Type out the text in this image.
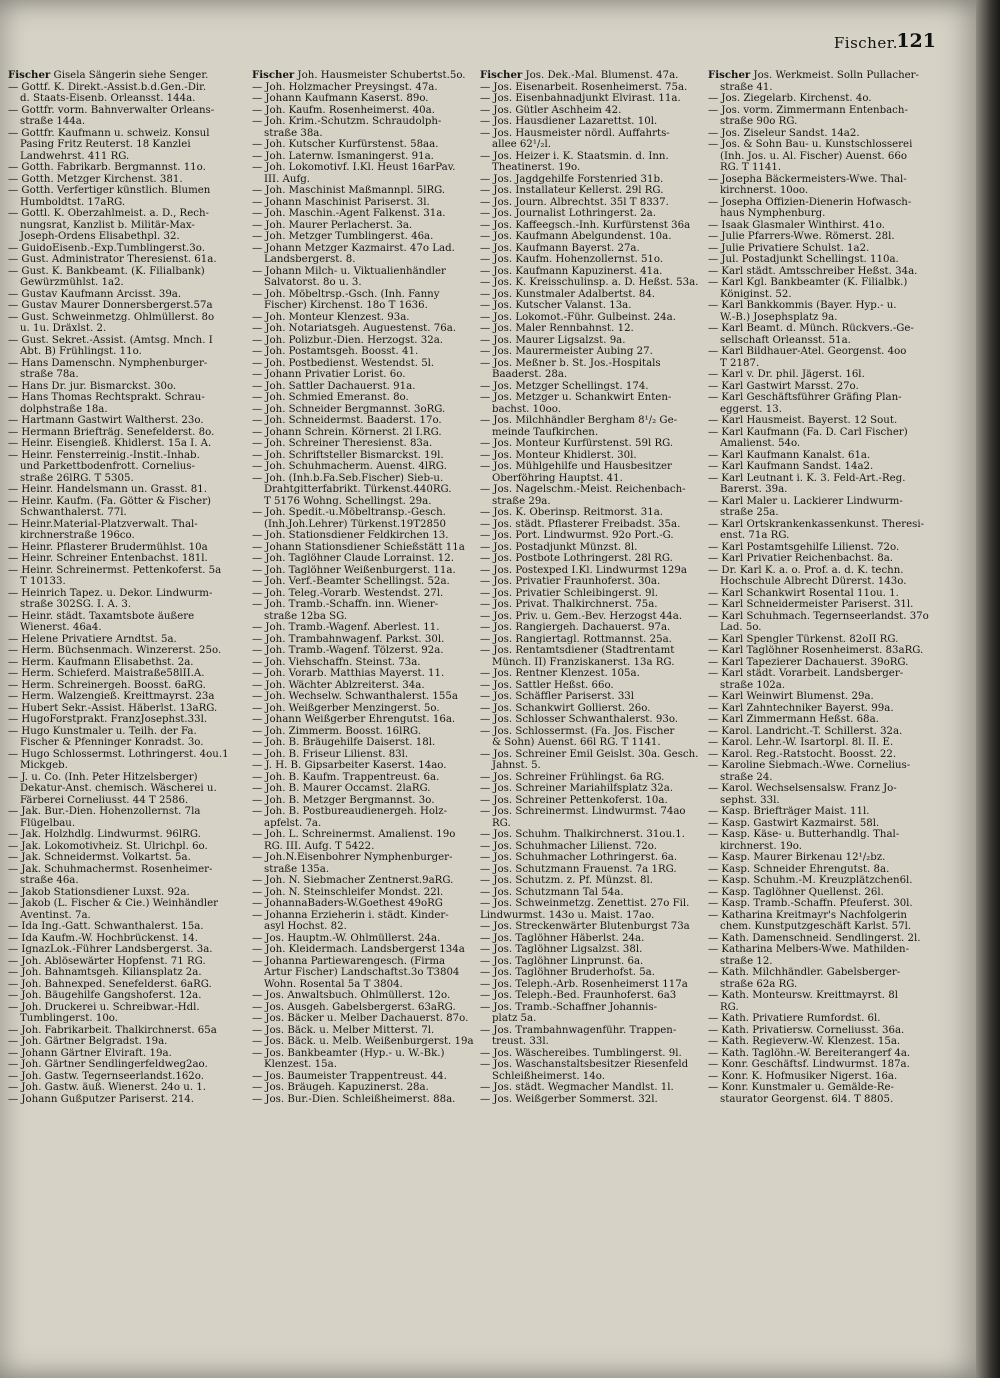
Fischer.
121
Fischer Gisela Sängerin siehe Senger.
— Gottf. K. Direkt.-Assist.b.d.Gen.-Dir.
d. Staats-Eisenb. Orleansst. 144a.
— Gottfr. vorm. Bahnverwalter Orleans-
straße 144a.
— Gottfr. Kaufmann u. schweiz. Konsul
Pasing Fritz Reuterst. 18 Kanzlei
Landwehrst. 411 RG.
— Gotth. Fabrikarb. Bergmannst. 11o.
— Gotth. Metzger Kirchenst. 381.
— Gotth. Verfertiger künstlich. Blumen
Humboldtst. 17aRG.
— Gottl. K. Oberzahlmeist. a. D., Rech-
nungsrat, Kanzlist b. Militär-Max-
Joseph-Ordens Elisabethpl. 32.
— GuidoEisenb.-Exp.Tumblingerst.3o.
— Gust. Administrator Theresienst. 61a.
— Gust. K. Bankbeamt. (K. Filialbank)
Gewürzmühlst. 1a2.
— Gustav Kaufmann Arcisst. 39a.
— Gustav Maurer Donnersbergerst.57a
— Gust. Schweinmetzg. Ohlmüllerst. 8o
u. 1u. Dräxlst. 2.
— Gust. Sekret.-Assist. (Amtsg. Mnch. I
Abt. B) Frühlingst. 11o.
— Hans Damenschn. Nymphenburger-
straße 78a.
— Hans Dr. jur. Bismarckst. 30o.
— Hans Thomas Rechtsprakt. Schrau-
dolphstraße 18a.
— Hartmann Gastwirt Waltherst. 23o.
— Hermann Briefträg. Senefelderst. 8o.
— Heinr. Eisengieß. Khidlerst. 15a I. A.
— Heinr. Fensterreinig.-Instit.-Inhab.
und Parkettbodenfrott. Cornelius-
straße 26lRG. T 5305.
— Heinr. Handelsmann un. Grasst. 81.
— Heinr. Kaufm. (Fa. Götter & Fischer)
Schwanthalerst. 77l.
— Heinr.Material-Platzverwalt. Thal-
kirchnerstraße 196co.
— Heinr. Pflasterer Brudermühlst. 10a
— Heinr. Schreiner Entenbachst. 181l.
— Heinr. Schreinermst. Pettenkoferst. 5a
T 10133.
— Heinrich Tapez. u. Dekor. Lindwurm-
straße 302SG. I. A. 3.
— Heinr. städt. Taxamtsbote äußere
Wienerst. 46a4.
— Helene Privatiere Arndtst. 5a.
— Herm. Büchsenmach. Winzererst. 25o.
— Herm. Kaufmann Elisabethst. 2a.
— Herm. Schieferd. Maistraße58lII.A.
— Herm. Schreinergeh. Boosst. 6aRG.
— Herm. Walzengieß. Kreittmayrst. 23a
— Hubert Sekr.-Assist. Häberlst. 13aRG.
— HugoForstprakt. FranzJosephst.33l.
— Hugo Kunstmaler u. Teilh. der Fa.
Fischer & Pfenninger Konradst. 3o.
— Hugo Schlossermst. Lothringerst. 4ou.1
Mickgeb.
— J. u. Co. (Inh. Peter Hitzelsberger)
Dekatur-Anst. chemisch. Wäscherei u.
Färberei Corneliusst. 44 T 2586.
— Jak. Bur.-Dien. Hohenzollernst. 7la
Flügelbau.
— Jak. Holzhdlg. Lindwurmst. 96lRG.
— Jak. Lokomotivheiz. St. Ulrichpl. 6o.
— Jak. Schneidermst. Volkartst. 5a.
— Jak. Schuhmachermst. Rosenheimer-
straße 46a.
— Jakob Stationsdiener Luxst. 92a.
— Jakob (L. Fischer & Cie.) Weinhändler
Aventinst. 7a.
— Ida Ing.-Gatt. Schwanthalerst. 15a.
— Ida Kaufm.-W. Hochbrückenst. 14.
— IgnazLok.-Führer Landsbergerst. 3a.
— Joh. Ablösewärter Hopfenst. 71 RG.
— Joh. Bahnamtsgeh. Kiliansplatz 2a.
— Joh. Bahnexped. Senefelderst. 6aRG.
— Joh. Bäugehilfe Gangshoferst. 12a.
— Joh. Druckerei u. Schreibwar.-Hdl.
Tumblingerst. 10o.
— Joh. Fabrikarbeit. Thalkirchnerst. 65a
— Joh. Gärtner Belgradst. 19a.
— Johann Gärtner Elviraft. 19a.
— Joh. Gärtner Sendlingerfeldweg2ao.
— Joh. Gastw. Tegernseerlandst.162o.
— Joh. Gastw. äuß. Wienerst. 24o u. 1.
— Johann Gußputzer Pariserst. 214.
Fischer Joh. Hausmeister Schubertst.5o.
— Joh. Holzmacher Preysingst. 47a.
— Johann Kaufmann Kaserst. 89o.
— Joh. Kaufm. Rosenheimerst. 40a.
— Joh. Krim.-Schutzm. Schraudolph-
straße 38a.
— Joh. Kutscher Kurfürstenst. 58aa.
— Joh. Laternw. Ismaningerst. 91a.
— Joh. Lokomotivf. I.Kl. Heust 16arPav.
III. Aufg.
— Joh. Maschinist Maßmannpl. 5lRG.
— Johann Maschinist Pariserst. 3l.
— Joh. Maschin.-Agent Falkenst. 31a.
— Joh. Maurer Perlacherst. 3a.
— Joh. Metzger Tumblingerst. 46a.
— Johann Metzger Kazmairst. 47o Lad.
Landsbergerst. 8.
— Johann Milch- u. Viktualienhändler
Salvatorst. 8o u. 3.
— Joh. Möbeltrsp.-Gsch. (Inh. Fanny
Fischer) Kirchenst. 18o T 1636.
— Joh. Monteur Klenzest. 93a.
— Joh. Notariatsgeh. Auguestenst. 76a.
— Joh. Polizbur.-Dien. Herzogst. 32a.
— Joh. Postamtsgeh. Boosst. 41.
— Joh. Postbedienst. Westendst. 5l.
— Johann Privatier Lorist. 6o.
— Joh. Sattler Dachauerst. 91a.
— Joh. Schmied Emeranst. 8o.
— Joh. Schneider Bergmannst. 3oRG.
— Joh. Schneidermst. Baaderst. 17o.
— Johann Schrein. Körnerst. 2l I.RG.
— Joh. Schreiner Theresienst. 83a.
— Joh. Schriftsteller Bismarckst. 19l.
— Joh. Schuhmacherm. Auenst. 4lRG.
— Joh. (Inh.b.Fa.Seb.Fischer) Sieb-u.
Drahtgitterfabrikt. Türkenst.440RG.
T 5176 Wohng. Schellingst. 29a.
— Joh. Spedit.-u.Möbeltransp.-Gesch.
(Inh.Joh.Lehrer) Türkenst.19T2850
— Joh. Stationsdiener Feldkirchen 13.
— Johann Stationsdiener Schießstätt 11a
— Joh. Taglöhner Claude Lorrainst. 12.
— Joh. Taglöhner Weißenburgerst. 11a.
— Joh. Verf.-Beamter Schellingst. 52a.
— Joh. Teleg.-Vorarb. Westendst. 27l.
— Joh. Tramb.-Schaffn. inn. Wiener-
straße 12ba SG.
— Joh. Tramb.-Wagenf. Aberlest. 11.
— Joh. Trambahnwagenf. Parkst. 30l.
— Joh. Tramb.-Wagenf. Tölzerst. 92a.
— Joh. Viehschaffn. Steinst. 73a.
— Joh. Vorarb. Matthias Mayerst. 11.
— Joh. Wächter Ablzreiterst. 34a.
— Joh. Wechselw. Schwanthalerst. 155a
— Joh. Weißgerber Menzingerst. 5o.
— Johann Weißgerber Ehrengutst. 16a.
— Joh. Zimmerm. Boosst. 16lRG.
— Joh. B. Bräugehilfe Daiserst. 18l.
— Joh. B. Friseur Lilienst. 83l.
— J. H. B. Gipsarbeiter Kaserst. 14ao.
— Joh. B. Kaufm. Trappentreust. 6a.
— Joh. B. Maurer Occamst. 2laRG.
— Joh. B. Metzger Bergmannst. 3o.
— Joh. B. Postbureaudienergeh. Holz-
apfelst. 7a.
— Joh. L. Schreinermst. Amalienst. 19o
RG. III. Aufg. T 5422.
— Joh.N.Eisenbohrer Nymphenburger-
straße 135a.
— Joh. N. Siebmacher Zentnerst.9aRG.
— Joh. N. Steinschleifer Mondst. 22l.
— JohannaBaders-W.Goethest 49oRG
— Johanna Erzieherin i. städt. Kinder-
asyl Hochst. 82.
— Jos. Hauptm.-W. Ohlmüllerst. 24a.
— Joh. Kleidermach. Landsbergerst 134a
— Johanna Partiewarengesch. (Firma
Artur Fischer) Landschaftst.3o T3804
Wohn. Rosental 5a T 3804.
— Jos. Anwaltsbuch. Ohlmüllerst. 12o.
— Jos. Ausgeh. Gabelsbergerst. 63aRG.
— Jos. Bäcker u. Melber Dachauerst. 87o.
— Jos. Bäck. u. Melber Mitterst. 7l.
— Jos. Bäck. u. Melb. Weißenburgerst. 19a
— Jos. Bankbeamter (Hyp.- u. W.-Bk.)
Klenzest. 15a.
— Jos. Baumeister Trappentreust. 44.
— Jos. Bräugeh. Kapuzinerst. 28a.
— Jos. Bur.-Dien. Schleißheimerst. 88a.
Fischer Jos. Dek.-Mal. Blumenst. 47a.
— Jos. Eisenarbeit. Rosenheimerst. 75a.
— Jos. Eisenbahnadjunkt Elvirast. 11a.
— Jos. Gütler Aschheim 42.
— Jos. Hausdiener Lazarettst. 10l.
— Jos. Hausmeister nördl. Auffahrts-
allee 62¹/₂l.
— Jos. Heizer i. K. Staatsmin. d. Inn.
Theatinerst. 19o.
— Jos. Jagdgehilfe Forstenried 31b.
— Jos. Installateur Kellerst. 29l RG.
— Jos. Journ. Albrechtst. 35l T 8337.
— Jos. Journalist Lothringerst. 2a.
— Jos. Kaffeegsch.-Inh. Kurfürstenst 36a
— Jos. Kaufmann Abelgundenst. 10a.
— Jos. Kaufmann Bayerst. 27a.
— Jos. Kaufm. Hohenzollernst. 51o.
— Jos. Kaufmann Kapuzinerst. 41a.
— Jos. K. Kreisschulinsp. a. D. Heßst. 53a.
— Jos. Kunstmaler Adalbertst. 84.
— Jos. Kutscher Valanst. 13a.
— Jos. Lokomot.-Führ. Gulbeinst. 24a.
— Jos. Maler Rennbahnst. 12.
— Jos. Maurer Ligsalzst. 9a.
— Jos. Maurermeister Aubing 27.
— Jos. Meßner b. St. Jos.-Hospitals
Baaderst. 28a.
— Jos. Metzger Schellingst. 174.
— Jos. Metzger u. Schankwirt Enten-
bachst. 10oo.
— Jos. Milchhändler Bergham 8¹/₂ Ge-
meinde Taufkirchen.
— Jos. Monteur Kurfürstenst. 59l RG.
— Jos. Monteur Khidlerst. 30l.
— Jos. Mühlgehilfe und Hausbesitzer
Oberföhring Hauptst. 41.
— Jos. Nagelschm.-Meist. Reichenbach-
straße 29a.
— Jos. K. Oberinsp. Reitmorst. 31a.
— Jos. städt. Pflasterer Freibadst. 35a.
— Jos. Port. Lindwurmst. 92o Port.-G.
— Jos. Postadjunkt Münzst. 8l.
— Jos. Postbote Lothringerst. 28l RG.
— Jos. Postexped I.Kl. Lindwurmst 129a
— Jos. Privatier Fraunhoferst. 30a.
— Jos. Privatier Schleibingerst. 9l.
— Jos. Privat. Thalkirchnerst. 75a.
— Jos. Priv. u. Gem.-Bev. Herzogst 44a.
— Jos. Rangiergeh. Dachauerst. 97a.
— Jos. Rangiertagl. Rottmannst. 25a.
— Jos. Rentamtsdiener (Stadtrentamt
Münch. II) Franziskanerst. 13a RG.
— Jos. Rentner Klenzest. 105a.
— Jos. Sattler Heßst. 66o.
— Jos. Schäffler Pariserst. 33l
— Jos. Schankwirt Gollierst. 26o.
— Jos. Schlosser Schwanthalerst. 93o.
— Jos. Schlossermst. (Fa. Jos. Fischer
& Sohn) Auenst. 66l RG. T 1141.
— Jos. Schreiner Emil Geislst. 30a. Gesch.
Jahnst. 5.
— Jos. Schreiner Frühlingst. 6a RG.
— Jos. Schreiner Mariahilfsplatz 32a.
— Jos. Schreiner Pettenkoferst. 10a.
— Jos. Schreinermst. Lindwurmst. 74ao
RG.
— Jos. Schuhm. Thalkirchnerst. 31ou.1.
— Jos. Schuhmacher Lilienst. 72o.
— Jos. Schuhmacher Lothringerst. 6a.
— Jos. Schutzmann Frauenst. 7a 1RG.
— Jos. Schutzm. z. Pf. Münzst. 8l.
— Jos. Schutzmann Tal 54a.
— Jos. Schweinmetzg. Zenettist. 27o Fil.
Lindwurmst. 143o u. Maist. 17ao.
— Jos. Streckenwärter Blutenburgst 73a
— Jos. Taglöhner Häberlst. 24a.
— Jos. Taglöhner Ligsalzst. 38l.
— Jos. Taglöhner Linprunst. 6a.
— Jos. Taglöhner Bruderhofst. 5a.
— Jos. Teleph.-Arb. Rosenheimerst 117a
— Jos. Teleph.-Bed. Fraunhoferst. 6a3
— Jos. Tramb.-Schaffner Johannis-
platz 5a.
— Jos. Trambahnwagenführ. Trappen-
treust. 33l.
— Jos. Wäschereibes. Tumblingerst. 9l.
— Jos. Waschanstaltsbesitzer Riesenfeld
Schleißheimerst. 14o.
— Jos. städt. Wegmacher Mandlst. 1l.
— Jos. Weißgerber Sommerst. 32l.
Fischer Jos. Werkmeist. Solln Pullacher-
straße 41.
— Jos. Ziegelarb. Kirchenst. 4o.
— Jos. vorm. Zimmermann Entenbach-
straße 90o RG.
— Jos. Ziseleur Sandst. 14a2.
— Jos. & Sohn Bau- u. Kunstschlosserei
(Inh. Jos. u. Al. Fischer) Auenst. 66o
RG. T 1141.
— Josepha Bäckermeisters-Wwe. Thal-
kirchnerst. 10oo.
— Josepha Offizien-Dienerin Hofwasch-
haus Nymphenburg.
— Isaak Glasmaler Winthirst. 41o.
— Julie Pfarrers-Wwe. Römerst. 28l.
— Julie Privatiere Schulst. 1a2.
— Jul. Postadjunkt Schellingst. 110a.
— Karl städt. Amtsschreiber Heßst. 34a.
— Karl Kgl. Bankbeamter (K. Filialbk.)
Königinst. 52.
— Karl Bankkommis (Bayer. Hyp.- u.
W.-B.) Josephsplatz 9a.
— Karl Beamt. d. Münch. Rückvers.-Ge-
sellschaft Orleansst. 51a.
— Karl Bildhauer-Atel. Georgenst. 4oo
T 2187.
— Karl v. Dr. phil. Jägerst. 16l.
— Karl Gastwirt Marsst. 27o.
— Karl Geschäftsführer Gräfing Plan-
eggerst. 13.
— Karl Hausmeist. Bayerst. 12 Sout.
— Karl Kaufmann (Fa. D. Carl Fischer)
Amalienst. 54o.
— Karl Kaufmann Kanalst. 61a.
— Karl Kaufmann Sandst. 14a2.
— Karl Leutnant i. K. 3. Feld-Art.-Reg.
Barerst. 39a.
— Karl Maler u. Lackierer Lindwurm-
straße 25a.
— Karl Ortskrankenkassenkunst. Theresi-
enst. 71a RG.
— Karl Postamtsgehilfe Lilienst. 72o.
— Karl Privatier Reichenbachst. 8a.
— Dr. Karl K. a. o. Prof. a. d. K. techn.
Hochschule Albrecht Dürerst. 143o.
— Karl Schankwirt Rosental 11ou. 1.
— Karl Schneidermeister Pariserst. 31l.
— Karl Schuhmach. Tegernseerlandst. 37o
Lad. 5o.
— Karl Spengler Türkenst. 82oII RG.
— Karl Taglöhner Rosenheimerst. 83aRG.
— Karl Tapezierer Dachauerst. 39oRG.
— Karl städt. Vorarbeit. Landsberger-
straße 102a.
— Karl Weinwirt Blumenst. 29a.
— Karl Zahntechniker Bayerst. 99a.
— Karl Zimmermann Heßst. 68a.
— Karol. Landricht.-T. Schillerst. 32a.
— Karol. Lehr.-W. Isartorpl. 8l. II. E.
— Karol. Reg.-Ratstocht. Boosst. 22.
— Karoline Siebmach.-Wwe. Cornelius-
straße 24.
— Karol. Wechselsensalsw. Franz Jo-
sephst. 33l.
— Kasp. Briefträger Maist. 11l.
— Kasp. Gastwirt Kazmairst. 58l.
— Kasp. Käse- u. Butterhandlg. Thal-
kirchnerst. 19o.
— Kasp. Maurer Birkenau 12¹/₂bz.
— Kasp. Schneider Ehrengutst. 8a.
— Kasp. Schuhm.-M. Kreuzplätzchen6l.
— Kasp. Taglöhner Quellenst. 26l.
— Kasp. Tramb.-Schaffn. Pfeuferst. 30l.
— Katharina Kreitmayr's Nachfolgerin
chem. Kunstputzgeschäft Karlst. 57l.
— Kath. Damenschneid. Sendlingerst. 2l.
— Katharina Melbers-Wwe. Mathilden-
straße 12.
— Kath. Milchhändler. Gabelsberger-
straße 62a RG.
— Kath. Monteursw. Kreittmayrst. 8l
RG.
— Kath. Privatiere Rumfordst. 6l.
— Kath. Privatiersw. Corneliusst. 36a.
— Kath. Regieverw.-W. Klenzest. 15a.
— Kath. Taglöhn.-W. Bereiterangerf 4a.
— Konr. Geschäftsf. Lindwurmst. 187a.
— Konr. K. Hofmusiker Nigerst. 16a.
— Konr. Kunstmaler u. Gemälde-Re-
staurator Georgenst. 6l4. T 8805.
